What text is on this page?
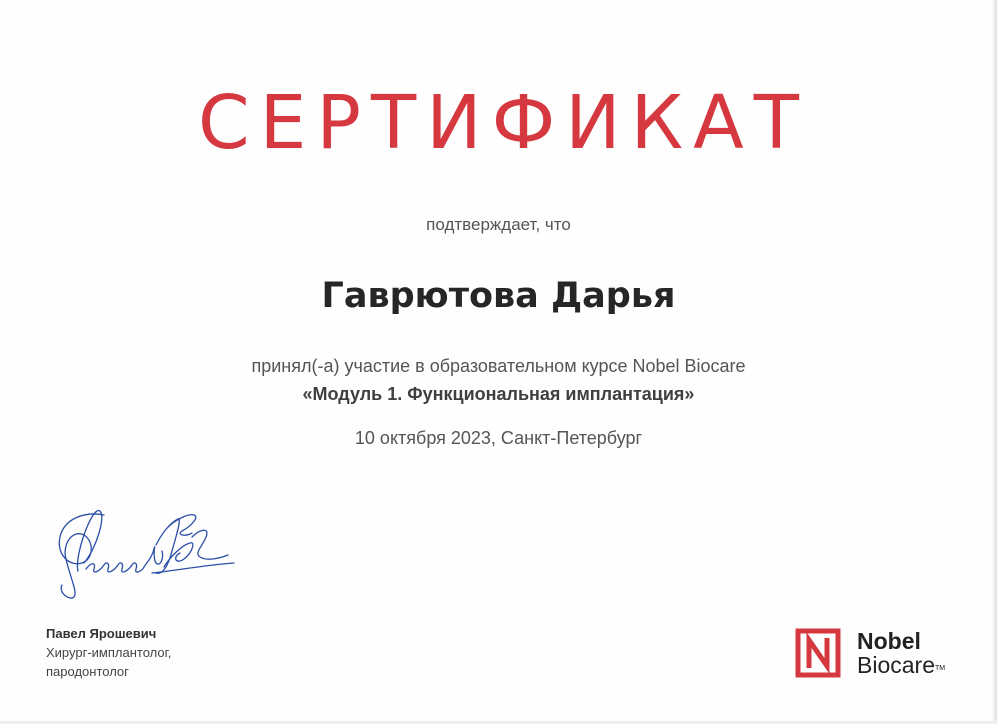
СЕРТИФИКАТ
подтверждает, что
Гаврютова Дарья
принял(-а) участие в образовательном курсе Nobel Biocare
«Модуль 1. Функциональная имплантация»
10 октября 2023, Санкт-Петербург
Павел Ярошевич
Хирург-имплантолог,
пародонтолог
Nobel
Biocare™
